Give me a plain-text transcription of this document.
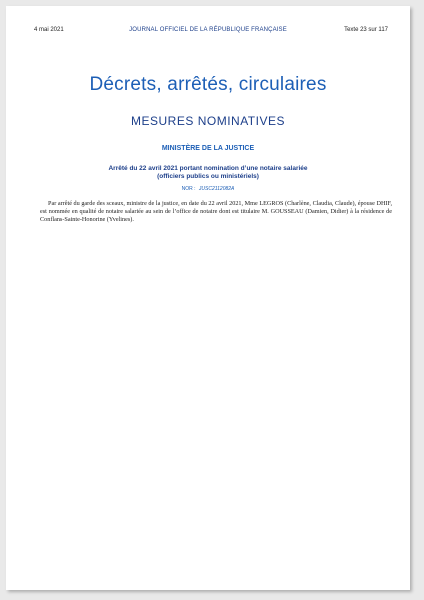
4 mai 2021	JOURNAL OFFICIEL DE LA RÉPUBLIQUE FRANÇAISE	Texte 23 sur 117
Décrets, arrêtés, circulaires
MESURES NOMINATIVES
MINISTÈRE DE LA JUSTICE
Arrêté du 22 avril 2021 portant nomination d’une notaire salariée
(officiers publics ou ministériels)
NOR : JUSC2112082A

Par arrêté du garde des sceaux, ministre de la justice, en date du 22 avril 2021, Mme LEGROS (Charlène, Claudia, Claude), épouse DHIF, est nommée en qualité de notaire salariée au sein de l’office de notaire dont est titulaire M. GOUSSEAU (Damien, Didier) à la résidence de Conflans-Sainte-Honorine (Yvelines).
